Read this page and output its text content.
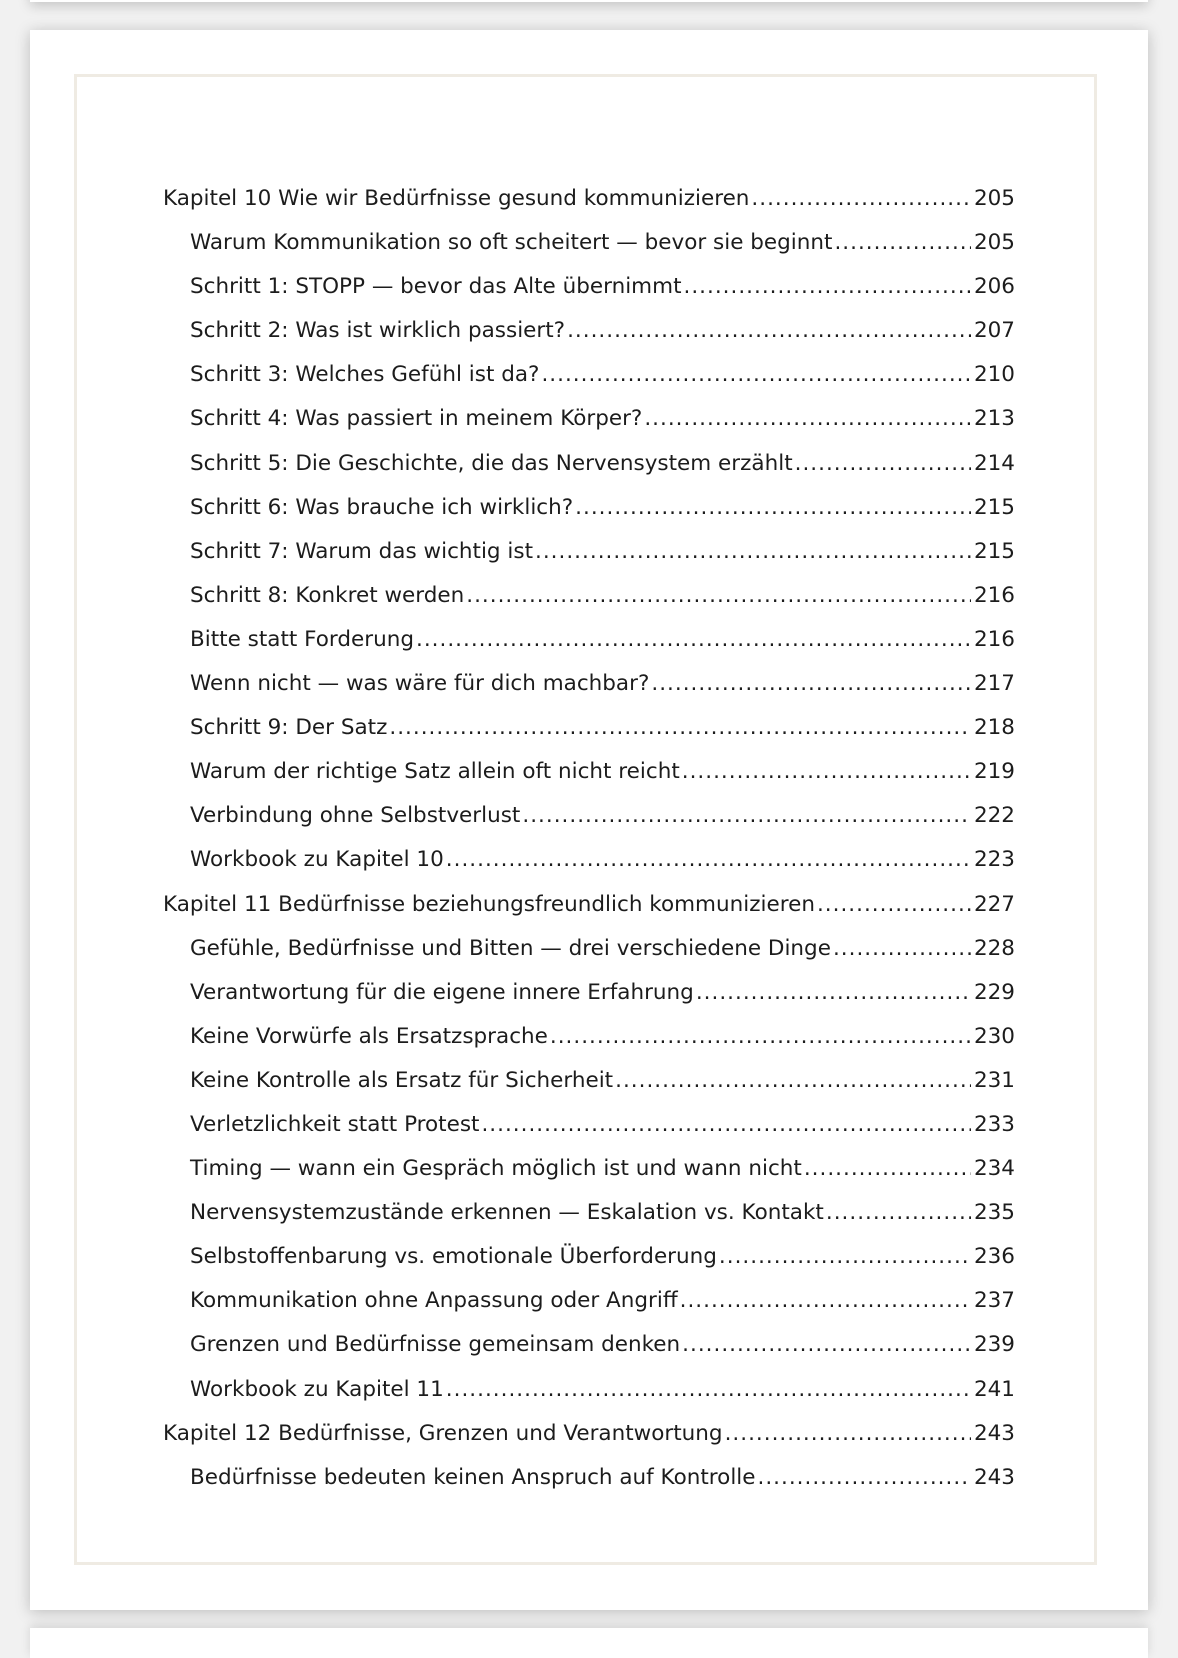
Kapitel 10 Wie wir Bedürfnisse gesund kommunizieren .....	205
Warum Kommunikation so oft scheitert — bevor sie beginnt .....	205
Schritt 1: STOPP — bevor das Alte übernimmt .....	206
Schritt 2: Was ist wirklich passiert? .....	207
Schritt 3: Welches Gefühl ist da? .....	210
Schritt 4: Was passiert in meinem Körper? .....	213
Schritt 5: Die Geschichte, die das Nervensystem erzählt .....	214
Schritt 6: Was brauche ich wirklich? .....	215
Schritt 7: Warum das wichtig ist .....	215
Schritt 8: Konkret werden .....	216
Bitte statt Forderung .....	216
Wenn nicht — was wäre für dich machbar? .....	217
Schritt 9: Der Satz .....	218
Warum der richtige Satz allein oft nicht reicht .....	219
Verbindung ohne Selbstverlust .....	222
Workbook zu Kapitel 10 .....	223
Kapitel 11 Bedürfnisse beziehungsfreundlich kommunizieren .....	227
Gefühle, Bedürfnisse und Bitten — drei verschiedene Dinge .....	228
Verantwortung für die eigene innere Erfahrung .....	229
Keine Vorwürfe als Ersatzsprache .....	230
Keine Kontrolle als Ersatz für Sicherheit .....	231
Verletzlichkeit statt Protest .....	233
Timing — wann ein Gespräch möglich ist und wann nicht .....	234
Nervensystemzustände erkennen — Eskalation vs. Kontakt .....	235
Selbstoffenbarung vs. emotionale Überforderung .....	236
Kommunikation ohne Anpassung oder Angriff .....	237
Grenzen und Bedürfnisse gemeinsam denken .....	239
Workbook zu Kapitel 11 .....	241
Kapitel 12 Bedürfnisse, Grenzen und Verantwortung .....	243
Bedürfnisse bedeuten keinen Anspruch auf Kontrolle .....	243
